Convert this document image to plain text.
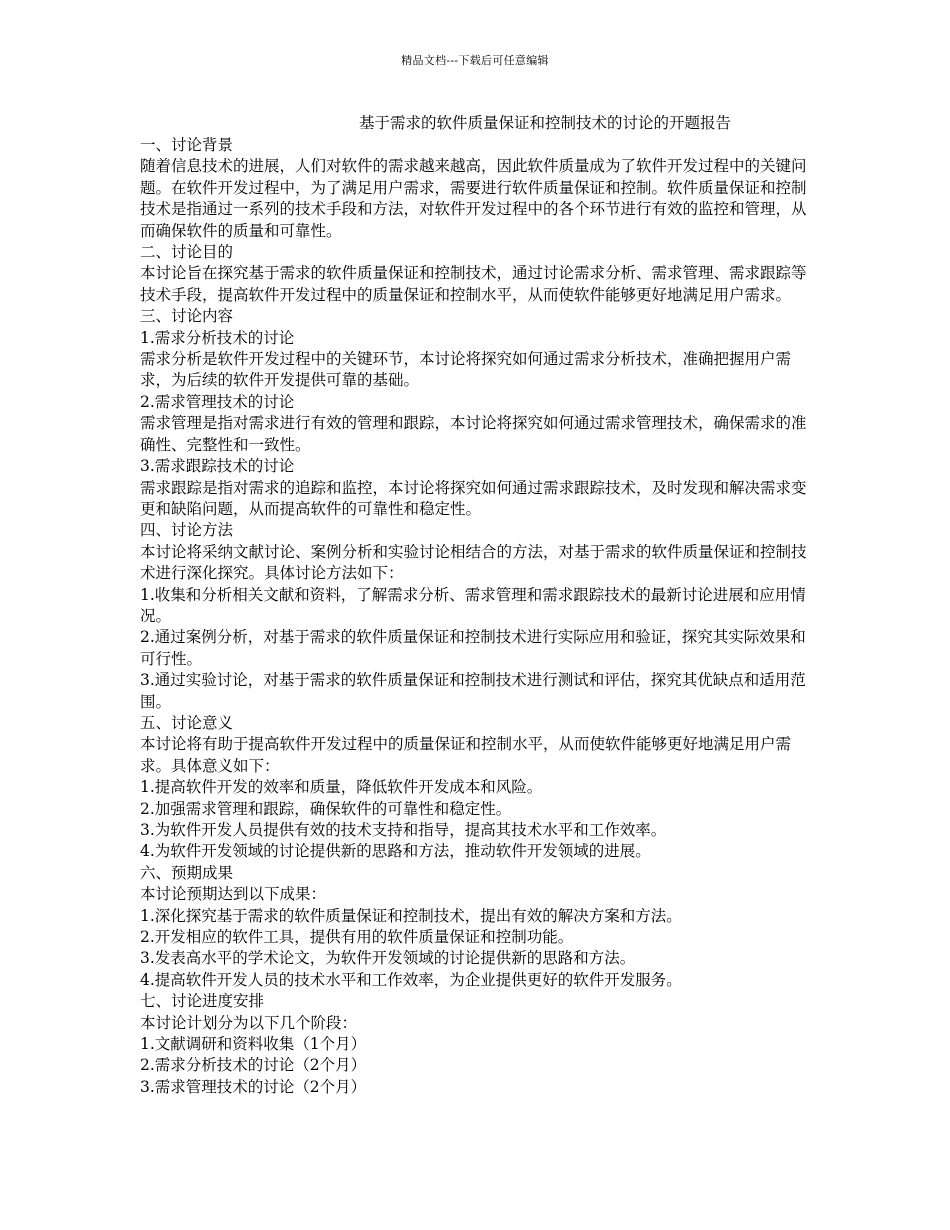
精品文档---下载后可任意编辑
基于需求的软件质量保证和控制技术的讨论的开题报告

一、讨论背景

随着信息技术的进展，人们对软件的需求越来越高，因此软件质量成为了软件开发过程中的关键问题。在软件开发过程中，为了满足用户需求，需要进行软件质量保证和控制。软件质量保证和控制技术是指通过一系列的技术手段和方法，对软件开发过程中的各个环节进行有效的监控和管理，从而确保软件的质量和可靠性。

二、讨论目的

本讨论旨在探究基于需求的软件质量保证和控制技术，通过讨论需求分析、需求管理、需求跟踪等技术手段，提高软件开发过程中的质量保证和控制水平，从而使软件能够更好地满足用户需求。

三、讨论内容

1.需求分析技术的讨论

需求分析是软件开发过程中的关键环节，本讨论将探究如何通过需求分析技术，准确把握用户需求，为后续的软件开发提供可靠的基础。

2.需求管理技术的讨论

需求管理是指对需求进行有效的管理和跟踪，本讨论将探究如何通过需求管理技术，确保需求的准确性、完整性和一致性。

3.需求跟踪技术的讨论

需求跟踪是指对需求的追踪和监控，本讨论将探究如何通过需求跟踪技术，及时发现和解决需求变更和缺陷问题，从而提高软件的可靠性和稳定性。

四、讨论方法

本讨论将采纳文献讨论、案例分析和实验讨论相结合的方法，对基于需求的软件质量保证和控制技术进行深化探究。具体讨论方法如下：

1.收集和分析相关文献和资料，了解需求分析、需求管理和需求跟踪技术的最新讨论进展和应用情况。

2.通过案例分析，对基于需求的软件质量保证和控制技术进行实际应用和验证，探究其实际效果和可行性。

3.通过实验讨论，对基于需求的软件质量保证和控制技术进行测试和评估，探究其优缺点和适用范围。

五、讨论意义

本讨论将有助于提高软件开发过程中的质量保证和控制水平，从而使软件能够更好地满足用户需求。具体意义如下：

1.提高软件开发的效率和质量，降低软件开发成本和风险。

2.加强需求管理和跟踪，确保软件的可靠性和稳定性。

3.为软件开发人员提供有效的技术支持和指导，提高其技术水平和工作效率。

4.为软件开发领域的讨论提供新的思路和方法，推动软件开发领域的进展。

六、预期成果

本讨论预期达到以下成果：

1.深化探究基于需求的软件质量保证和控制技术，提出有效的解决方案和方法。

2.开发相应的软件工具，提供有用的软件质量保证和控制功能。

3.发表高水平的学术论文，为软件开发领域的讨论提供新的思路和方法。

4.提高软件开发人员的技术水平和工作效率，为企业提供更好的软件开发服务。

七、讨论进度安排

本讨论计划分为以下几个阶段：

1.文献调研和资料收集（1个月）

2.需求分析技术的讨论（2个月）

3.需求管理技术的讨论（2个月）
